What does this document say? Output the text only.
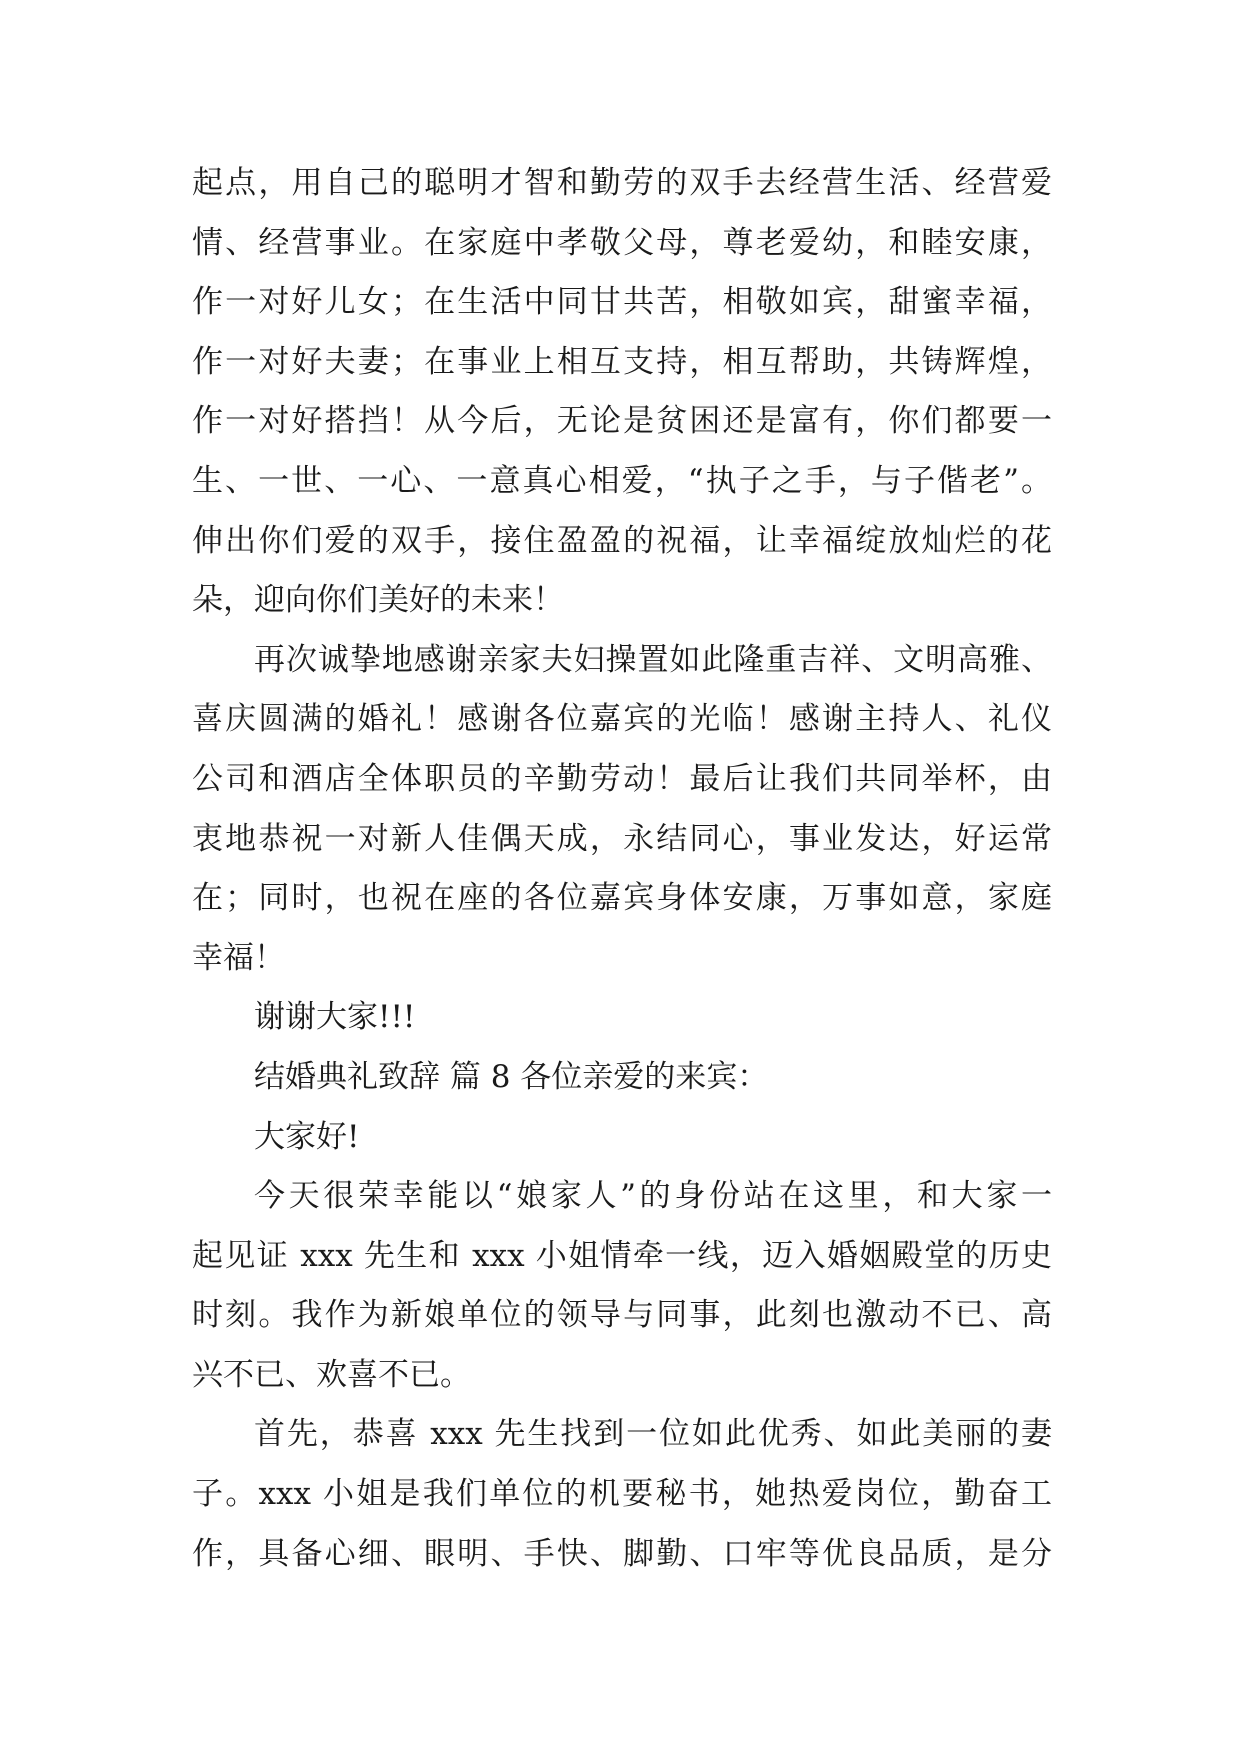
起点，用自己的聪明才智和勤劳的双手去经营生活、经营爱
情、经营事业。在家庭中孝敬父母，尊老爱幼，和睦安康，
作一对好儿女；在生活中同甘共苦，相敬如宾，甜蜜幸福，
作一对好夫妻；在事业上相互支持，相互帮助，共铸辉煌，
作一对好搭挡！从今后，无论是贫困还是富有，你们都要一
生、一世、一心、一意真心相爱，“执子之手，与子偕老”。
伸出你们爱的双手，接住盈盈的祝福，让幸福绽放灿烂的花
朵，迎向你们美好的未来！
再次诚挚地感谢亲家夫妇操置如此隆重吉祥、文明高雅、
喜庆圆满的婚礼！感谢各位嘉宾的光临！感谢主持人、礼仪
公司和酒店全体职员的辛勤劳动！最后让我们共同举杯，由
衷地恭祝一对新人佳偶天成，永结同心，事业发达，好运常
在；同时，也祝在座的各位嘉宾身体安康，万事如意，家庭
幸福！
谢谢大家!!!
结婚典礼致辞 篇 8 各位亲爱的来宾：
大家好!
今天很荣幸能以“娘家人”的身份站在这里，和大家一
起见证 xxx 先生和 xxx 小姐情牵一线，迈入婚姻殿堂的历史
时刻。我作为新娘单位的领导与同事，此刻也激动不已、高
兴不已、欢喜不已。
首先，恭喜 xxx 先生找到一位如此优秀、如此美丽的妻
子。xxx 小姐是我们单位的机要秘书，她热爱岗位，勤奋工
作，具备心细、眼明、手快、脚勤、口牢等优良品质，是分
